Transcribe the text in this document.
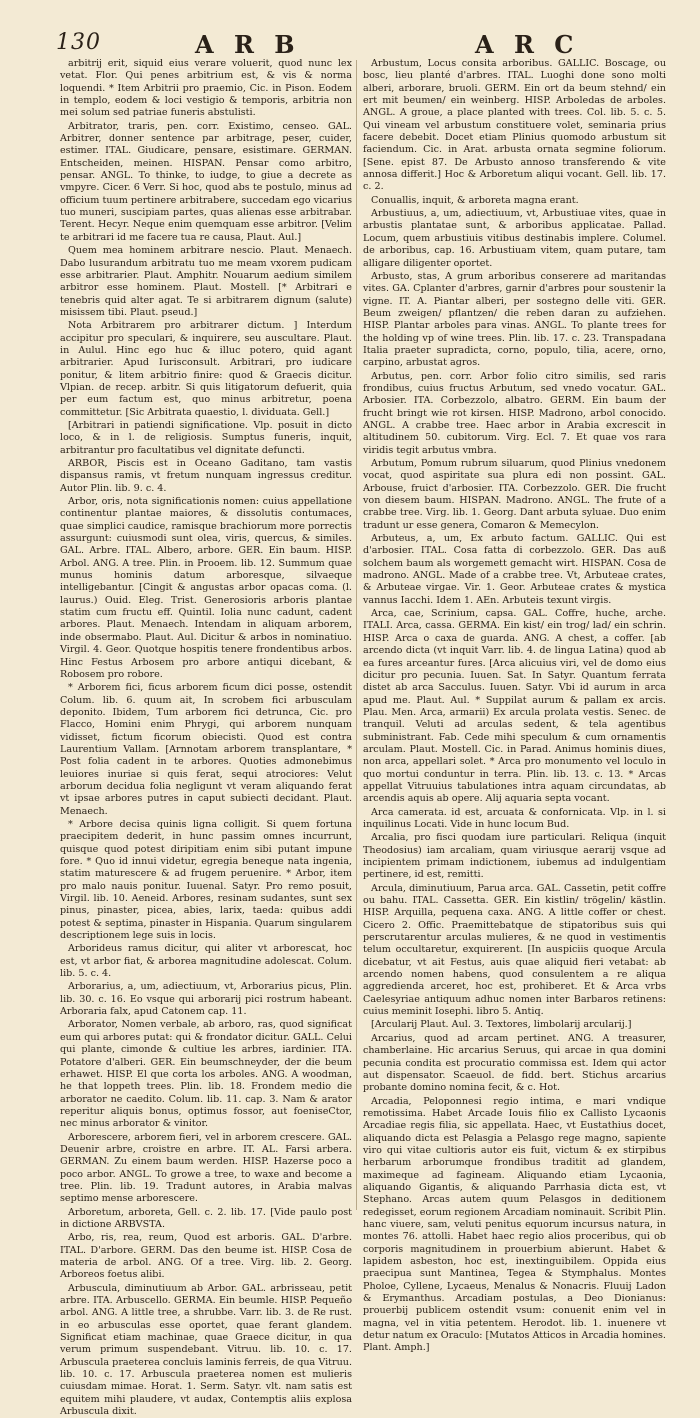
130	A R B	A R C

arbitrij erit, siquid eius verare voluerit, quod nunc lex vetat. Flor. Qui penes arbitrium est, & vis & norma loquendi. * Item Arbitrii pro praemio, Cic. in Pison. Eodem in templo, eodem & loci vestigio & temporis, arbitria non mei solum sed patriae funeris abstulisti.

Arbitrator, traris, pen. corr. Existimo, censeo. GAL. Arbitrer, donner sentence par arbitrage, peser, cuider, estimer. ITAL. Giudicare, pensare, esistimare. GERMAN. Entscheiden, meinen. HISPAN. Pensar como arbitro, pensar. ANGL. To thinke, to iudge, to giue a decrete as vmpyre. Cicer. 6 Verr. Si hoc, quod abs te postulo, minus ad officium tuum pertinere arbitrabere, succedam ego vicarius tuo muneri, suscipiam partes, quas alienas esse arbitrabar. Terent. Hecyr. Neque enim quemquam esse arbitror. [Velim te arbitrari id me facere tua re causa, Plaut. Aul.]

Quem mea hominem arbitrare nescio. Plaut. Menaech. Dabo lusurandum arbitratu tuo me meam vxorem pudicam esse arbitrarier. Plaut. Amphitr. Nouarum aedium similem arbitror esse hominem. Plaut. Mostell. [* Arbitrari e tenebris quid alter agat. Te si arbitrarem dignum (salute) misissem tibi. Plaut. pseud.]

Nota Arbitrarem pro arbitrarer dictum. ] Interdum accipitur pro speculari, & inquirere, seu auscultare. Plaut. in Aulul. Hinc ego huc & illuc potero, quid agant arbitrarier. Apud Iurisconsult. Arbitrari, pro iudicare ponitur, & litem arbitrio finire: quod & Graecis dicitur. Vlpian. de recep. arbitr. Si quis litigatorum defuerit, quia per eum factum est, quo minus arbitretur, poena committetur. [Sic Arbitrata quaestio, l. dividuata. Gell.]

[Arbitrari in patiendi significatione. Vlp. posuit in dicto loco, & in l. de religiosis. Sumptus funeris, inquit, arbitrantur pro facultatibus vel dignitate defuncti.

ARBOR, Piscis est in Oceano Gaditano, tam vastis dispansus ramis, vt fretum nunquam ingressus creditur. Autor Plin. lib. 9. c. 4.

Arbor, oris, nota significationis nomen: cuius appellatione continentur plantae maiores, & dissolutis contumaces, quae simplici caudice, ramisque brachiorum more porrectis assurgunt: cuiusmodi sunt olea, viris, quercus, & similes. GAL. Arbre. ITAL. Albero, arbore. GER. Ein baum. HISP. Arbol. ANG. A tree. Plin. in Prooem. lib. 12. Summum quae munus hominis datum arboresque, silvaeque intelligebantur. [Cingit & angustas arbor opacas coma. (l. laurus.) Ouid. Eleg. Trist. Generosioris arboris plantae statim cum fructu eff. Quintil. Iolia nunc cadunt, cadent arbores. Plaut. Menaech. Intendam in aliquam arborem, inde obsermabo. Plaut. Aul. Dicitur & arbos in nominatiuo. Virgil. 4. Geor. Quotque hospitis tenere frondentibus arbos. Hinc Festus Arbosem pro arbore antiqui dicebant, & Robosem pro robore.

* Arborem fici, ficus arborem ficum dici posse, ostendit Colum. lib. 6. quum ait, In scrobem fici arbusculam deponito. Ibidem, Tum arborem fici detrunca, Cic. pro Flacco, Homini enim Phrygi, qui arborem nunquam vidisset, fictum ficorum obiecisti. Quod est contra Laurentium Vallam. [Arnnotam arborem transplantare, * Post folia cadent in te arbores. Quoties admonebimus leuiores inuriae si quis ferat, sequi atrociores: Velut arborum decidua folia negligunt vt veram aliquando ferat vt ipsae arbores putres in caput subiecti decidant. Plaut. Menaech.

* Arbore decisa quinis ligna colligit. Si quem fortuna praecipitem dederit, in hunc passim omnes incurrunt, quisque quod potest diripitiam enim sibi putant impune fore. * Quo id innui videtur, egregia beneque nata ingenia, statim maturescere & ad frugem peruenire. * Arbor, item pro malo nauis ponitur. Iuuenal. Satyr. Pro remo posuit, Virgil. lib. 10. Aeneid. Arbores, resinam sudantes, sunt sex pinus, pinaster, picea, abies, larix, taeda: quibus addi potest & septima, pinaster in Hispania. Quarum singularem descriptionem lege suis in locis.

Arborideus ramus dicitur, qui aliter vt arborescat, hoc est, vt arbor fiat, & arborea magnitudine adolescat. Colum. lib. 5. c. 4.

Arborarius, a, um, adiectiuum, vt, Arborarius picus, Plin. lib. 30. c. 16. Eo vsque qui arborarij pici rostrum habeant. Arboraria falx, apud Catonem cap. 11.

Arborator, Nomen verbale, ab arboro, ras, quod significat eum qui arbores putat: qui & frondator dicitur. GALL. Celui qui plante, cimonde & cultiue les arbres, iardinier. ITA. Potatore d'alberi. GER. Ein beumschneyder, der die beum erhawet. HISP. El que corta los arboles. ANG. A woodman, he that loppeth trees. Plin. lib. 18. Frondem medio die arborator ne caedito. Colum. lib. 11. cap. 3. Nam & arator reperitur aliquis bonus, optimus fossor, aut foeniseСtor, nec minus arborator & vinitor.

Arborescere, arborem fieri, vel in arborem crescere. GAL. Deuenir arbre, croistre en arbre. IT. AL. Farsi arbera. GERMAN. Zu einem baum werden. HISP. Hazerse poco a poco arbor. ANGL. To growe a tree, to waxe and become a tree. Plin. lib. 19. Tradunt autores, in Arabia malvas septimo mense arborescere.

Arboretum, arboreta, Gell. c. 2. lib. 17. [Vide paulo post in dictione ARBVSTA.

Arbo, ris, rea, reum, Quod est arboris. GAL. D'arbre. ITAL. D'arbore. GERM. Das den beume ist. HISP. Cosa de materia de arbol. ANG. Of a tree. Virg. lib. 2. Georg. Arboreos foetus alibi.

Arbuscula, diminutiuum ab Arbor. GAL. arbrisseau, petit arbre. ITA. Arbuscello. GERMA. Ein beumle. HISP. Pequeño arbol. ANG. A little tree, a shrubbe. Varr. lib. 3. de Re rust. in eo arbusculas esse oportet, quae ferant glandem. Significat etiam machinae, quae Graece dicitur, in qua verum primum suspendebant. Vitruu. lib. 10. c. 17. Arbuscula praeterea concluis laminis ferreis, de qua Vitruu. lib. 10. c. 17. Arbuscula praeterea nomen est mulieris cuiusdam mimae. Horat. 1. Serm. Satyr. vlt. nam satis est equitem mihi plaudere, vt audax, Contemptis aliis explosa Arbuscula dixit.

Arbustum, Locus consita arboribus. GALLIC. Boscage, ou bosc, lieu planté d'arbres. ITAL. Luoghi done sono molti alberi, arborare, bruoli. GERM. Ein ort da beum stehnd/ ein ert mit beumen/ ein weinberg. HISP. Arboledas de arboles. ANGL. A groue, a place planted with trees. Col. lib. 5. c. 5. Qui vineam vel arbustum constituere volet, seminaria prius facere debebit. Docet etiam Plinius quomodo arbustum sit faciendum. Cic. in Arat. arbusta ornata segmine foliorum. [Sene. epist 87. De Arbusto annoso transferendo & vite annosa differit.] Hoc & Arboretum aliqui vocant. Gell. lib. 17. c. 2.

Conuallis, inquit, & arboreta magna erant.

Arbustiuus, a, um, adiectiuum, vt, Arbustiuae vites, quae in arbustis plantatae sunt, & arboribus applicatae. Pallad. Locum, quem arbustiuis vitibus destinabis implere. Columel. de arboribus, cap. 16. Arbustiuam vitem, quam putare, tam alligare diligenter oportet.

Arbusto, stas, A grum arboribus conserere ad maritandas vites. GA. Cplanter d'arbres, garnir d'arbres pour soustenir la vigne. IT. A. Piantar alberi, per sostegno delle viti. GER. Beum zweigen/ pflantzen/ die reben daran zu aufziehen. HISP. Plantar arboles para vinas. ANGL. To plante trees for the holding vp of wine trees. Plin. lib. 17. c. 23. Transpadana Italia praeter supradicta, corno, populo, tilia, acere, orno, carpino, arbustat agros.

Arbutus, pen. corr. Arbor folio citro similis, sed raris frondibus, cuius fructus Arbutum, sed vnedo vocatur. GAL. Arbosier. ITA. Corbezzolo, albatro. GERM. Ein baum der frucht bringt wie rot kirsen. HISP. Madrono, arbol conocido. ANGL. A crabbe tree. Haec arbor in Arabia excrescit in altitudinem 50. cubitorum. Virg. Ecl. 7. Et quae vos rara viridis tegit arbutus vmbra.

Arbutum, Pomum rubrum siluarum, quod Plinius vnedonem vocat, quod aspiritate sua plura edi non possint. GAL. Arbouse, fruict d'arbosier. ITA. Corbezzolo. GER. Die frucht von diesem baum. HISPAN. Madrono. ANGL. The frute of a crabbe tree. Virg. lib. 1. Georg. Dant arbuta syluae. Duo enim tradunt ur esse genera, Comaron & Memecylon.

Arbuteus, a, um, Ex arbuto factum. GALLIC. Qui est d'arbosier. ITAL. Cosa fatta di corbezzolo. GER. Das auß solchem baum als worgemett gemacht wirt. HISPAN. Cosa de madrono. ANGL. Made of a crabbe tree. Vt, Arbuteae crates, & Arbuteae virgae. Vir. 1. Geor. Arbuteae crates & mystica vannus Iacchi. Idem 1. AEn. Arbuteis texunt virgis.

Arca, cae, Scrinium, capsa. GAL. Coffre, huche, arche. ITALI. Arca, cassa. GERMA. Ein kist/ ein trog/ lad/ ein schrin. HISP. Arca o caxa de guarda. ANG. A chest, a coffer. [ab arcendo dicta (vt inquit Varr. lib. 4. de lingua Latina) quod ab ea fures arceantur fures. [Arca alicuius viri, vel de domo eius dicitur pro pecunia. Iuuen. Sat. In Satyr. Quantum ferrata distet ab arca Sacculus. Iuuen. Satyr. Vbi id aurum in arca apud me. Plaut. Aul. * Suppilat aurum & pallam ex arcis. Plau. Men. Arca, armarii) Ex arcula prolata vestis. Senec. de tranquil. Veluti ad arculas sedent, & tela agentibus subministrant. Fab. Cede mihi speculum & cum ornamentis arculam. Plaut. Mostell. Cic. in Parad. Animus hominis diues, non arca, appellari solet. * Arca pro monumento vel loculo in quo mortui conduntur in terra. Plin. lib. 13. c. 13. * Arcas appellat Vitruuius tabulationes intra aquam circundatas, ab arcendis aquis ab opere. Alij aquaria septa vocant.

Arca camerata. id est, arcuata & confornicata. Vlp. in l. si inquilinus Locati. Vide in hunc locum Bud.

Arcalia, pro fisci quodam iure particulari. Reliqua (inquit Theodosius) iam arcaliam, quam viriusque aerarij vsque ad incipientem primam indictionem, iubemus ad indulgentiam pertinere, id est, remitti.

Arcula, diminutiuum, Parua arca. GAL. Cassetin, petit coffre ou bahu. ITAL. Cassetta. GER. Ein kistlin/ trögelin/ kästlin. HISP. Arquilla, pequena caxa. ANG. A little coffer or chest. Cicero 2. Offic. Praemittebatque de stipatoribus suis qui perscrutarentur arculas mulieres, & ne quod in vestimentis telum occultaretur, exquirerent. [In auspiciis quoque Arcula dicebatur, vt ait Festus, auis quae aliquid fieri vetabat: ab arcendo nomen habens, quod consulentem a re aliqua aggredienda arceret, hoc est, prohiberet. Et & Arca vrbs Caelesyriae antiquum adhuc nomen inter Barbaros retinens: cuius meminit Iosephi. libro 5. Antiq.

[Arcularij Plaut. Aul. 3. Textores, limbolarij arcularij.]

Arcarius, quod ad arcam pertinet. ANG. A treasurer, chamberlaine. Hic arcarius Seruus, qui arcae in qua domini pecunia condita est procuratio commissa est. Idem qui actor aut dispensator. Scaeuol. de fidd. bert. Stichus arcarius probante domino nomina fecit, & c. Hot.

Arcadia, Peloponnesi regio intima, e mari vndique remotissima. Habet Arcade Iouis filio ex Callisto Lycaonis Arcadiae regis filia, sic appellata. Haec, vt Eustathius docet, aliquando dicta est Pelasgia a Pelasgo rege magno, sapiente viro qui vitae cultioris autor eis fuit, victum & ex stirpibus herbarum arborumque frondibus traditit ad glandem, maximeque ad fagineam. Aliquando etiam Lycaonia, aliquando Gigantis, & aliquando Parrhasia dicta est, vt Stephano. Arcas autem quum Pelasgos in deditionem redegisset, eorum regionem Arcadiam nominauit. Scribit Plin. hanc viuere, sam, veluti penitus equorum incursus natura, in montes 76. attolli. Habet haec regio alios proceribus, qui ob corporis magnitudinem in prouerbium abierunt. Habet & lapidem asbeston, hoc est, inextinguibilem. Oppida eius praecipua sunt Mantinea, Tegea & Stymphalus. Montes Pholoe, Cyllene, Lycaeus, Menalus & Nonacris. Fluuij Ladon & Erymanthus. Arcadiam postulas, a Deo Dionianus: prouerbij publicem ostendit vsum: conuenit enim vel in magna, vel in vitia petentem. Herodot. lib. 1. inuenere vt detur natum ex Oraculo: [Mutatos Atticos in Arcadia homines. Plant. Amph.]
